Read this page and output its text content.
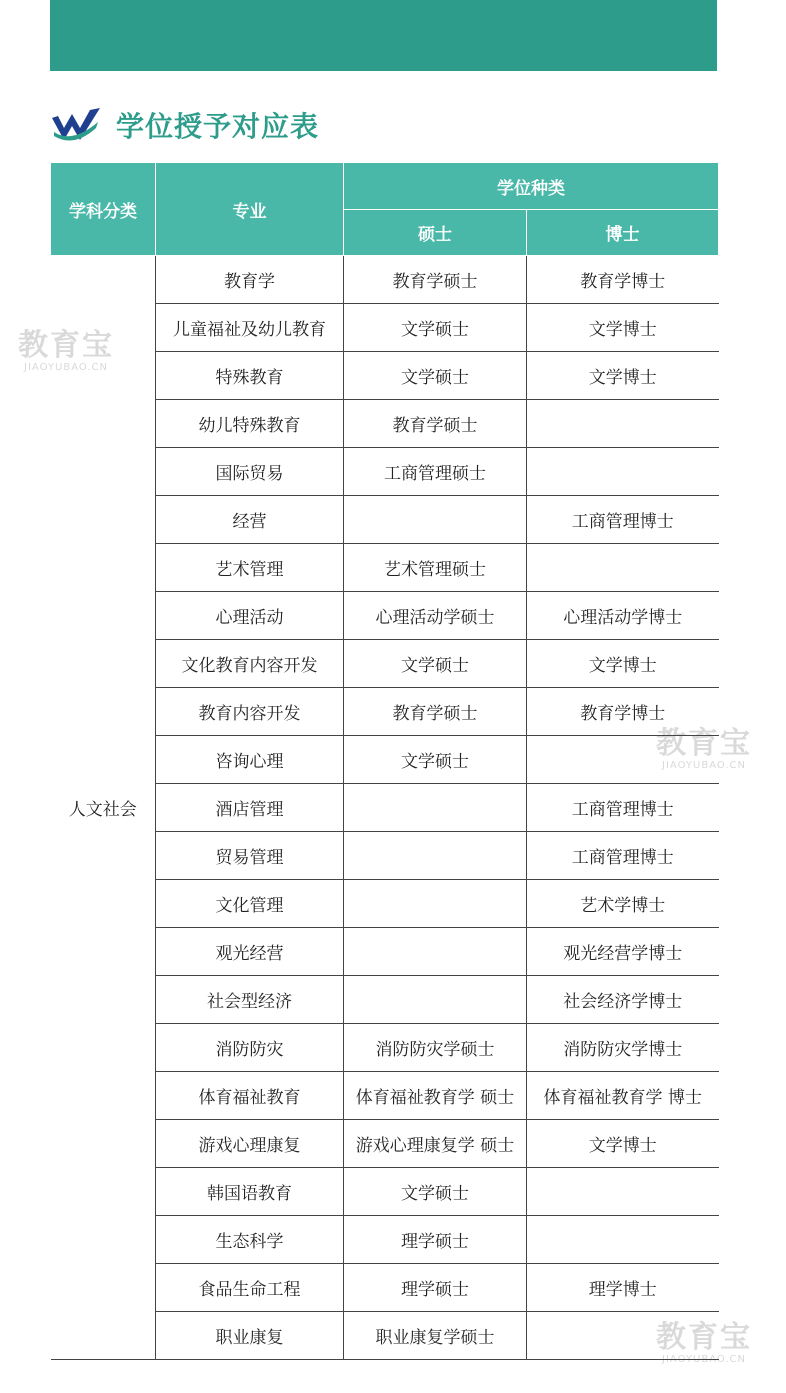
学位授予对应表
教育宝
JIAOYUBAO.CN
教育宝
JIAOYUBAO.CN
教育宝
JIAOYUBAO.CN
学科分类	专业	学位种类	
		硕士	博士
人文社会	教育学	教育学硕士	教育学博士
	儿童福祉及幼儿教育	文学硕士	文学博士
	特殊教育	文学硕士	文学博士
	幼儿特殊教育	教育学硕士	
	国际贸易	工商管理硕士	
	经营		工商管理博士
	艺术管理	艺术管理硕士	
	心理活动	心理活动学硕士	心理活动学博士
	文化教育内容开发	文学硕士	文学博士
	教育内容开发	教育学硕士	教育学博士
	咨询心理	文学硕士	
	酒店管理		工商管理博士
	贸易管理		工商管理博士
	文化管理		艺术学博士
	观光经营		观光经营学博士
	社会型经济		社会经济学博士
	消防防灾	消防防灾学硕士	消防防灾学博士
	体育福祉教育	体育福祉教育学 硕士	体育福祉教育学 博士
	游戏心理康复	游戏心理康复学 硕士	文学博士
	韩国语教育	文学硕士	
	生态科学	理学硕士	
	食品生命工程	理学硕士	理学博士
	职业康复	职业康复学硕士	
